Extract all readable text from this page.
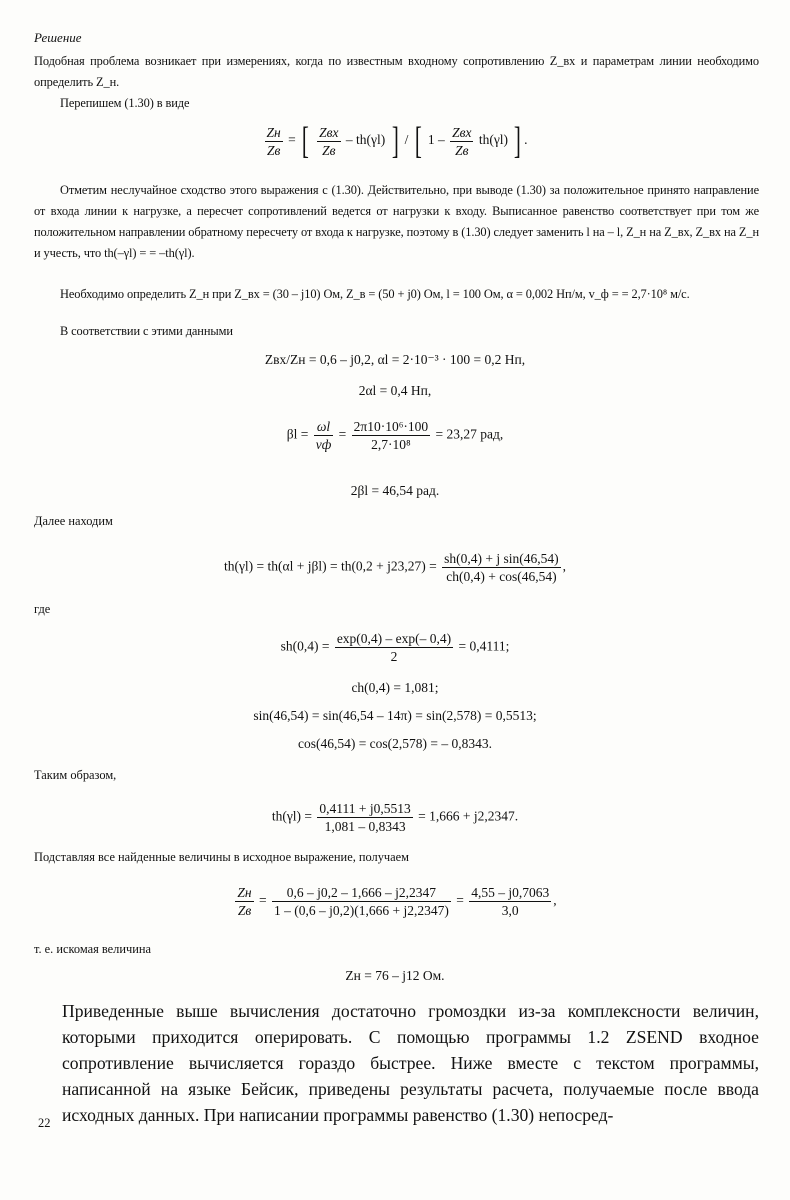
Решение

Подобная проблема возникает при измерениях, когда по известным входному сопротивлению Z_вх и параметрам линии необходимо определить Z_н.

Перепишем (1.30) в виде

$\frac{Zн}{Zв}$ = [ $\frac{\text{Zвх}}{Zв} - th(\gamma l)$ ] / [ $1 - \frac{\text{Zвх}}{Zв} th(\gamma l)$ ] .

Отметим неслучайное сходство этого выражения с (1.30). Действительно, при выводе (1.30) за положительное принято направление от входа линии к нагрузке, а пересчет сопротивлений ведется от нагрузки к входу. Выписанное равенство соответствует при том же положительном направлении обратному пересчету от входа к нагрузке, поэтому в (1.30) следует заменить l на – l, Z_н на Z_вх, Z_вх на Z_н и учесть, что th(–γl) = = –th(γl).

Необходимо определить Z_н при Z_вх = (30 – j10) Ом, Z_в = (50 + j0) Ом, l = 100 Ом, α = 0,002 Нп/м, v_ф = = 2,7·10⁸ м/с.

В соответствии с этими данными

Zвх/Zн = 0,6 – j0,2, αl = 2·10⁻³ · 100 = 0,2 Нп,
2αl = 0,4 Нп,
$\beta l = \frac{\omega l}{vф} = \frac{\text{2π10·10⁶·100}}{\text{2,7·10⁸}} = 23,27$ рад,
2βl = 46,54 рад.

Далее находим

$th(\gamma l) = th(\alpha l + j\beta l) = th(0,2 + j23,27) = \frac{\text{sh(0,4) + j sin(46,54)}}{ch(0,4) + \cos(46,54)}$ ,

где

$sh(0,4) = \frac{\exp(0,4) - \exp(- 0,4)}{2} = 0,4111$;
ch(0,4) = 1,081;
sin(46,54) = sin(46,54 – 14π) = sin(2,578) = 0,5513;
cos(46,54) = cos(2,578) = – 0,8343.

Таким образом,

$th(\gamma l) = \frac{0,4111 + j0,5513}{1,081 - 0,8343} = 1,666 + j2,2347$.

Подставляя все найденные величины в исходное выражение, получаем

$\frac{Zн}{Zв} = \frac{0,6 - j0,2 - 1,666 - j2,2347}{1 - (0,6 - j0,2)(1,666 + j2,2347)} = \frac{4,55 - j0,7063}{3,0}$ ,

т. е. искомая величина

Zн = 76 – j12 Ом.

Приведенные выше вычисления достаточно громоздки из-за комплексности величин, которыми приходится оперировать. С помощью программы 1.2 ZSEND входное сопротивление вычисляется гораздо быстрее. Ниже вместе с текстом программы, написанной на языке Бейсик, приведены результаты расчета, получаемые после ввода исходных данных. При написании программы равенство (1.30) непосред-

22
